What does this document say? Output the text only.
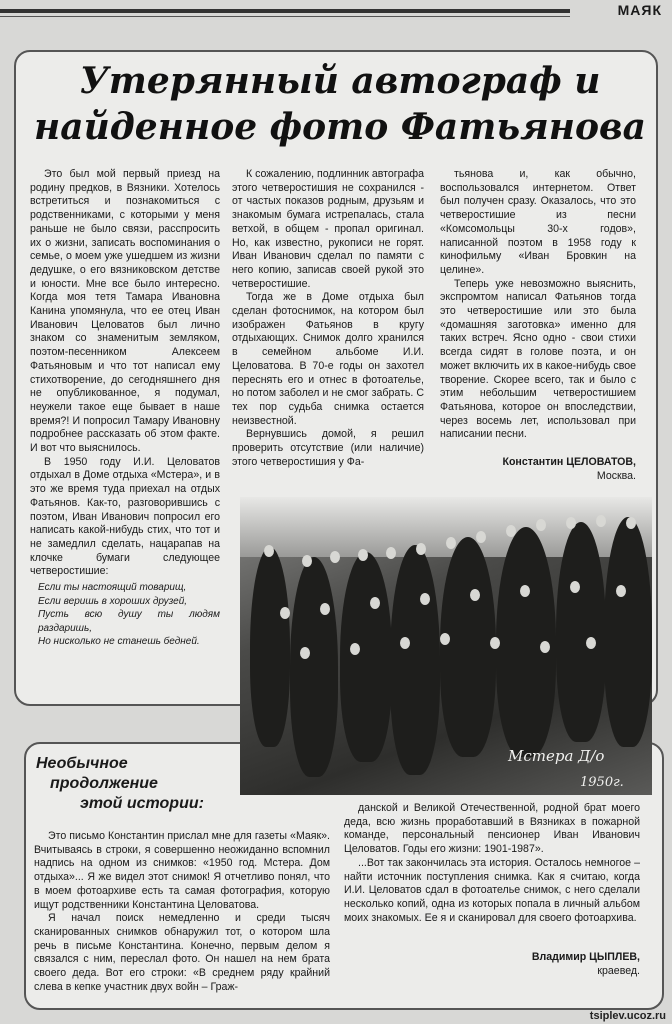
МАЯК
Утерянный автограф и найденное фото Фатьянова

Это был мой первый приезд на родину предков, в Вязники. Хотелось встретиться и познакомиться с родственниками, с которыми у меня раньше не было связи, расспросить их о жизни, записать воспоминания о семье, о моем уже ушедшем из жизни дедушке, о его вязниковском детстве и юности. Мне все было интересно. Когда моя тетя Тамара Ивановна Канина упомянула, что ее отец Иван Иванович Целоватов был лично знаком со знаменитым земляком, поэтом-песенником Алексеем Фатьяновым и что тот написал ему стихотворение, до сегодняшнего дня не опубликованное, я подумал, неужели такое еще бывает в наше время?! И попросил Тамару Ивановну подробнее рассказать об этом факте. И вот что выяснилось.

В 1950 году И.И. Целоватов отдыхал в Доме отдыха «Мстера», и в это же время туда приехал на отдых Фатьянов. Как-то, разговорившись с поэтом, Иван Иванович попросил его написать какой-нибудь стих, что тот и не замедлил сделать, нацарапав на клочке бумаги следующее четверостишие:

Если ты настоящий товарищ,
Если веришь в хороших друзей,
Пусть всю душу ты людям раздаришь,
Но нисколько не станешь бедней.

К сожалению, подлинник автографа этого четверостишия не сохранился - от частых показов родным, друзьям и знакомым бумага истрепалась, стала ветхой, в общем - пропал оригинал. Но, как известно, рукописи не горят. Иван Иванович сделал по памяти с него копию, записав своей рукой это четверостишие.

Тогда же в Доме отдыха был сделан фотоснимок, на котором был изображен Фатьянов в кругу отдыхающих. Снимок долго хранился в семейном альбоме И.И. Целоватова. В 70-е годы он захотел переснять его и отнес в фотоателье, но потом заболел и не смог забрать. С тех пор судьба снимка остается неизвестной.

Вернувшись домой, я решил проверить отсутствие (или наличие) этого четверостишия у Фа-

тьянова и, как обычно, воспользовался интернетом. Ответ был получен сразу. Оказалось, что это четверостишие из песни «Комсомольцы 30-х годов», написанной поэтом в 1958 году к кинофильму «Иван Бровкин на целине».

Теперь уже невозможно выяснить, экспромтом написал Фатьянов тогда это четверостишие или это была «домашняя заготовка» именно для таких встреч. Ясно одно - свои стихи всегда сидят в голове поэта, и он может включить их в какое-нибудь свое творение. Скорее всего, так и было с этим небольшим четверостишием Фатьянова, которое он впоследствии, через восемь лет, использовал при написании песни.

Константин ЦЕЛОВАТОВ,
Москва.
Мстера Д/о
1950г.
Необычное
продолжение
этой истории:

Это письмо Константин прислал мне для газеты «Маяк». Вчитываясь в строки, я совершенно неожиданно вспомнил надпись на одном из снимков: «1950 год. Мстера. Дом отдыха»... Я же видел этот снимок! Я отчетливо понял, что в моем фотоархиве есть та самая фотография, которую ищут родственники Константина Целоватова.

Я начал поиск немедленно и среди тысяч сканированных снимков обнаружил тот, о котором шла речь в письме Константина. Конечно, первым делом я связался с ним, переслал фото. Он нашел на нем брата своего деда. Вот его строки: «В среднем ряду крайний слева в кепке участник двух войн – Граж-

данской и Великой Отечественной, родной брат моего деда, всю жизнь проработавший в Вязниках в пожарной команде, персональный пенсионер Иван Иванович Целоватов. Годы его жизни: 1901-1987».

...Вот так закончилась эта история. Осталось немногое – найти источник поступления снимка. Как я считаю, когда И.И. Целоватов сдал в фотоателье снимок, с него сделали несколько копий, одна из которых попала в личный альбом моих знакомых. Ее я и сканировал для своего фотоархива.

Владимир ЦЫПЛЕВ,
краевед.
tsiplev.ucoz.ru
